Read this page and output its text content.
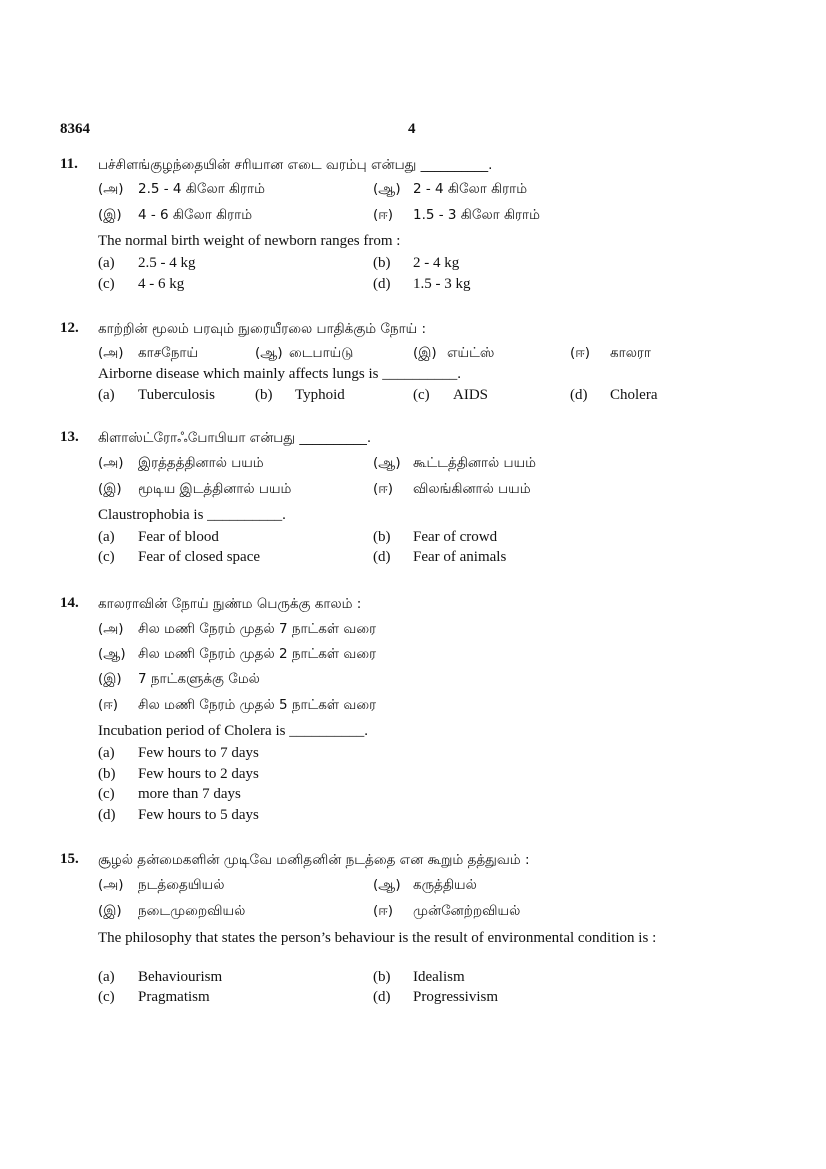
8364	4
11. பச்சிளங்குழந்தையின் சரியான எடை வரம்பு என்பது __________.
(அ) 2.5 - 4 கிலோ கிராம்	(ஆ) 2 - 4 கிலோ கிராம்
(இ) 4 - 6 கிலோ கிராம்	(ஈ) 1.5 - 3 கிலோ கிராம்
The normal birth weight of newborn ranges from :
(a) 2.5 - 4 kg	(b) 2 - 4 kg
(c) 4 - 6 kg	(d) 1.5 - 3 kg
12. காற்றின் மூலம் பரவும் நுரையீரலை பாதிக்கும் நோய் :
(அ) காசநோய்	(ஆ) டைபாய்டு	(இ) எய்ட்ஸ்	(ஈ) காலரா
Airborne disease which mainly affects lungs is __________.
(a) Tuberculosis	(b) Typhoid	(c) AIDS	(d) Cholera
13. கிளாஸ்ட்ரோஃபோபியா என்பது __________.
(அ) இரத்தத்தினால் பயம்	(ஆ) கூட்டத்தினால் பயம்
(இ) மூடிய இடத்தினால் பயம்	(ஈ) விலங்கினால் பயம்
Claustrophobia is __________.
(a) Fear of blood	(b) Fear of crowd
(c) Fear of closed space	(d) Fear of animals
14. காலராவின் நோய் நுண்ம பெருக்கு காலம் :
(அ) சில மணி நேரம் முதல் 7 நாட்கள் வரை
(ஆ) சில மணி நேரம் முதல் 2 நாட்கள் வரை
(இ) 7 நாட்களுக்கு மேல்
(ஈ) சில மணி நேரம் முதல் 5 நாட்கள் வரை
Incubation period of Cholera is __________.
(a) Few hours to 7 days
(b) Few hours to 2 days
(c) more than 7 days
(d) Few hours to 5 days
15. சூழல் தன்மைகளின் முடிவே மனிதனின் நடத்தை என கூறும் தத்துவம் :
(அ) நடத்தையியல்	(ஆ) கருத்தியல்
(இ) நடைமுறைவியல்	(ஈ) முன்னேற்றவியல்
The philosophy that states the person’s behaviour is the result of environmental condition is :
(a) Behaviourism	(b) Idealism
(c) Pragmatism	(d) Progressivism
